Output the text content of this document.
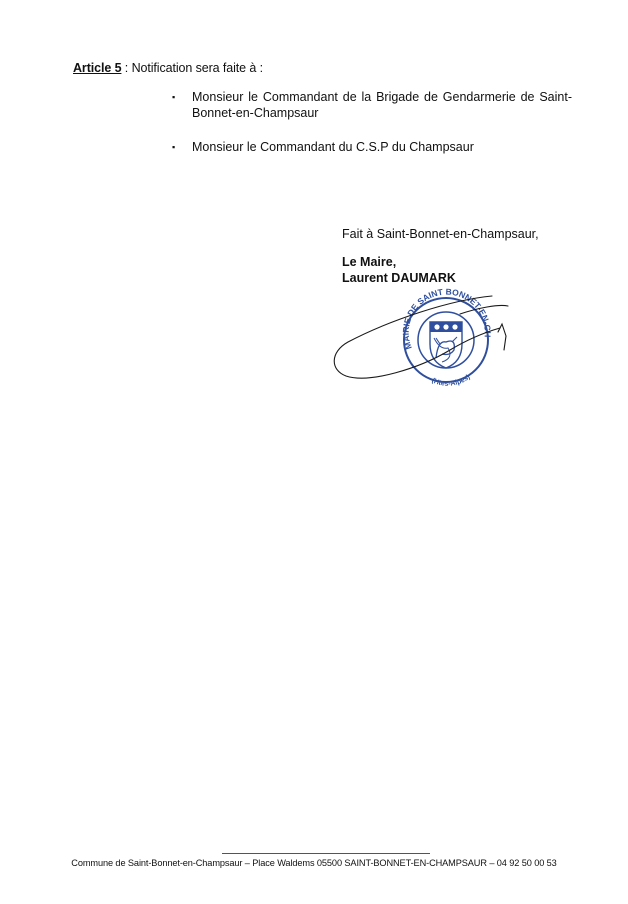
Article 5 : Notification sera faite à :
▪ Monsieur le Commandant de la Brigade de Gendarmerie de Saint-Bonnet-en-Champsaur
▪ Monsieur le Commandant du C.S.P du Champsaur
Fait à Saint-Bonnet-en-Champsaur,
Le Maire,
Laurent DAUMARK
MAIRIE DE SAINT BONNET-EN-CHAMPSAUR
(Htes-Alpes)
Commune de Saint-Bonnet-en-Champsaur – Place Waldems 05500 SAINT-BONNET-EN-CHAMPSAUR – 04 92 50 00 53
